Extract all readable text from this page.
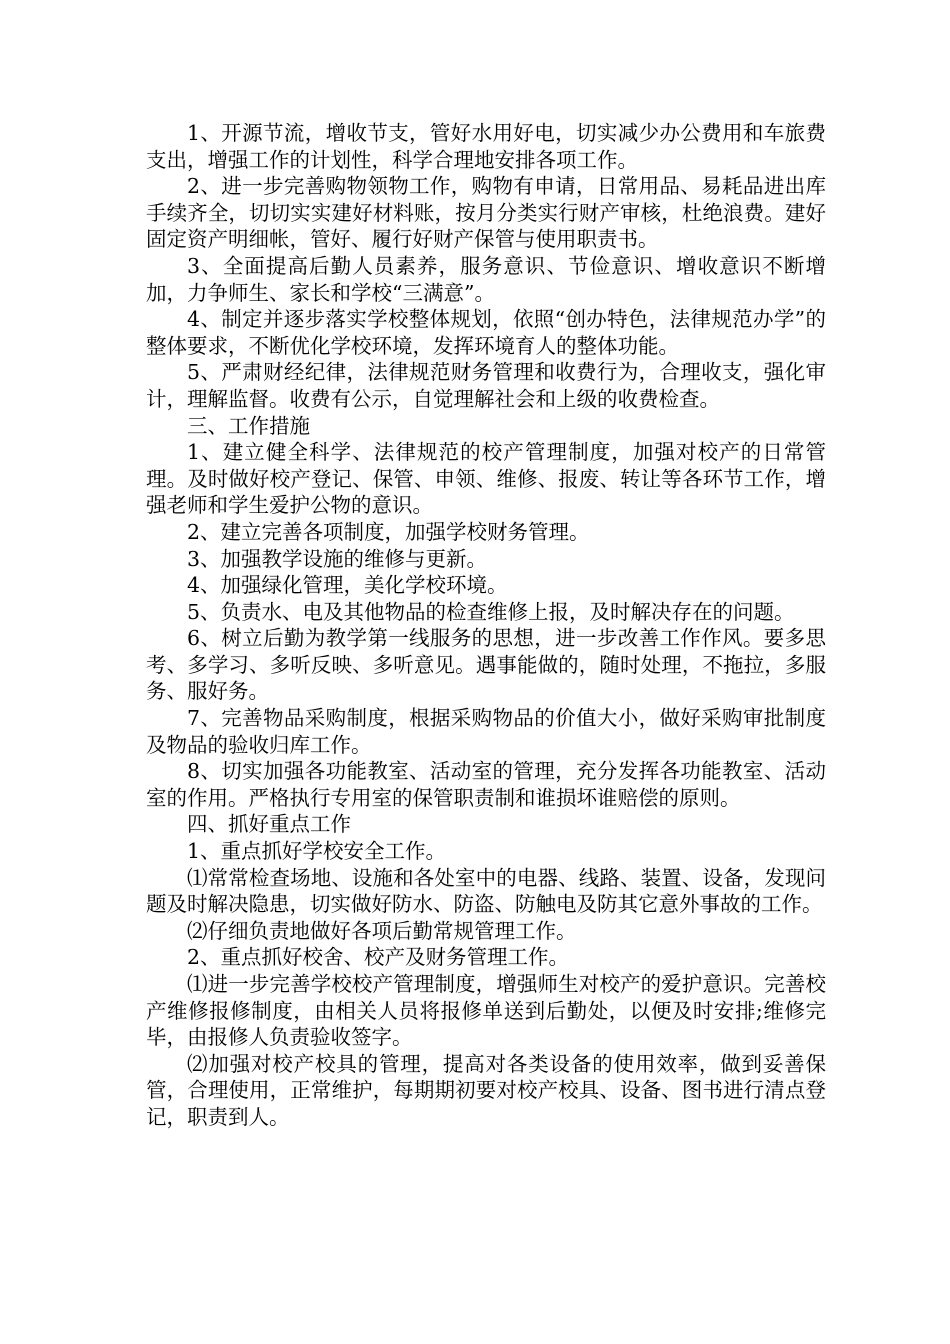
1、开源节流，增收节支，管好水用好电，切实减少办公费用和车旅费支出，增强工作的计划性，科学合理地安排各项工作。

2、进一步完善购物领物工作，购物有申请，日常用品、易耗品进出库手续齐全，切切实实建好材料账，按月分类实行财产审核，杜绝浪费。建好固定资产明细帐，管好、履行好财产保管与使用职责书。

3、全面提高后勤人员素养，服务意识、节俭意识、增收意识不断增加，力争师生、家长和学校“三满意”。

4、制定并逐步落实学校整体规划，依照“创办特色，法律规范办学”的整体要求，不断优化学校环境，发挥环境育人的整体功能。

5、严肃财经纪律，法律规范财务管理和收费行为，合理收支，强化审计，理解监督。收费有公示，自觉理解社会和上级的收费检查。

三、工作措施

1、建立健全科学、法律规范的校产管理制度，加强对校产的日常管理。及时做好校产登记、保管、申领、维修、报废、转让等各环节工作，增强老师和学生爱护公物的意识。

2、建立完善各项制度，加强学校财务管理。

3、加强教学设施的维修与更新。

4、加强绿化管理，美化学校环境。

5、负责水、电及其他物品的检查维修上报，及时解决存在的问题。

6、树立后勤为教学第一线服务的思想，进一步改善工作作风。要多思考、多学习、多听反映、多听意见。遇事能做的，随时处理，不拖拉，多服务、服好务。

7、完善物品采购制度，根据采购物品的价值大小，做好采购审批制度及物品的验收归库工作。

8、切实加强各功能教室、活动室的管理，充分发挥各功能教室、活动室的作用。严格执行专用室的保管职责制和谁损坏谁赔偿的原则。

四、抓好重点工作

1、重点抓好学校安全工作。

⑴常常检查场地、设施和各处室中的电器、线路、装置、设备，发现问题及时解决隐患，切实做好防水、防盗、防触电及防其它意外事故的工作。

⑵仔细负责地做好各项后勤常规管理工作。

2、重点抓好校舍、校产及财务管理工作。

⑴进一步完善学校校产管理制度，增强师生对校产的爱护意识。完善校产维修报修制度，由相关人员将报修单送到后勤处，以便及时安排;维修完毕，由报修人负责验收签字。

⑵加强对校产校具的管理，提高对各类设备的使用效率，做到妥善保管，合理使用，正常维护，每期期初要对校产校具、设备、图书进行清点登记，职责到人。
